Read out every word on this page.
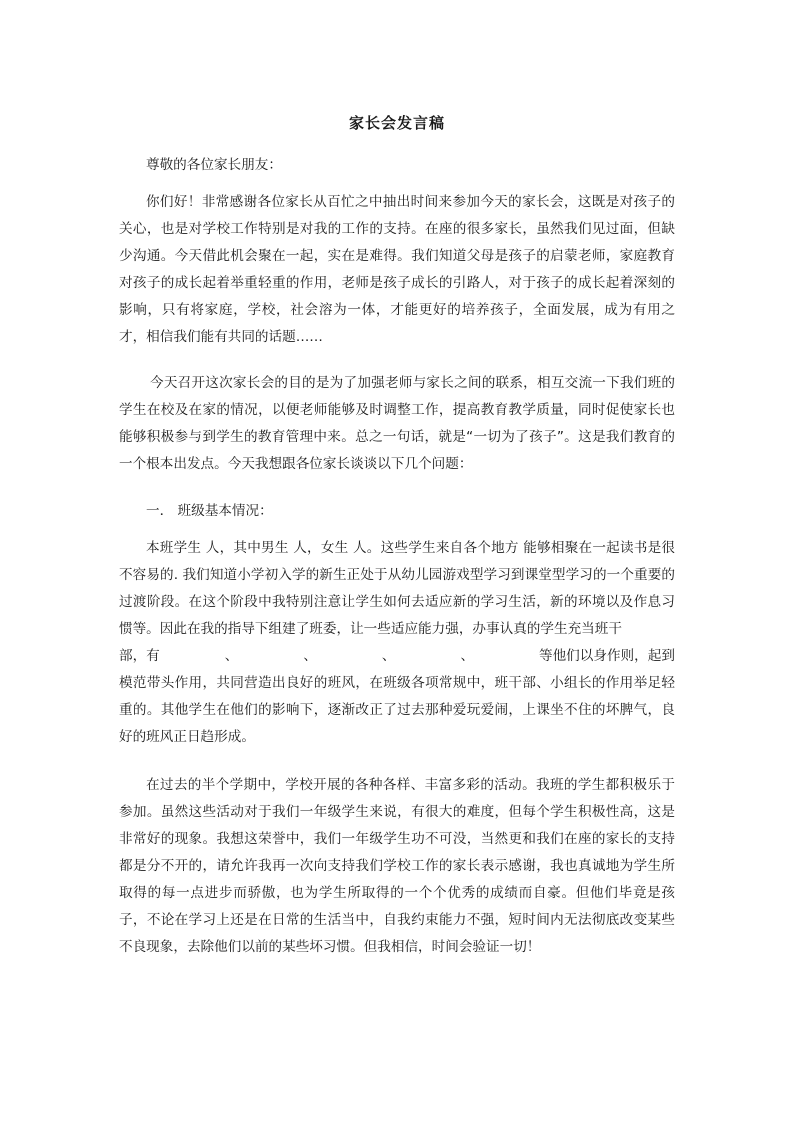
家长会发言稿
尊敬的各位家长朋友：
你们好！非常感谢各位家长从百忙之中抽出时间来参加今天的家长会，这既是对孩子的关心，也是对学校工作特别是对我的工作的支持。在座的很多家长，虽然我们见过面，但缺少沟通。今天借此机会聚在一起，实在是难得。我们知道父母是孩子的启蒙老师，家庭教育对孩子的成长起着举重轻重的作用，老师是孩子成长的引路人，对于孩子的成长起着深刻的影响，只有将家庭，学校，社会溶为一体，才能更好的培养孩子，全面发展，成为有用之才，相信我们能有共同的话题……
今天召开这次家长会的目的是为了加强老师与家长之间的联系，相互交流一下我们班的学生在校及在家的情况，以便老师能够及时调整工作，提高教育教学质量，同时促使家长也能够积极参与到学生的教育管理中来。总之一句话，就是“一切为了孩子”。这是我们教育的一个根本出发点。今天我想跟各位家长谈谈以下几个问题：
一． 班级基本情况：
本班学生 人，其中男生 人，女生 人。这些学生来自各个地方 能够相聚在一起读书是很不容易的. 我们知道小学初入学的新生正处于从幼儿园游戏型学习到课堂型学习的一个重要的过渡阶段。在这个阶段中我特别注意让学生如何去适应新的学习生活，新的环境以及作息习惯等。因此在我的指导下组建了班委，让一些适应能力强，办事认真的学生充当班干
部，有	、	、	、	、	等他们以身作则，起到
模范带头作用，共同营造出良好的班风，在班级各项常规中，班干部、小组长的作用举足轻重的。其他学生在他们的影响下，逐渐改正了过去那种爱玩爱闹，上课坐不住的坏脾气，良好的班风正日趋形成。
在过去的半个学期中，学校开展的各种各样、丰富多彩的活动。我班的学生都积极乐于参加。虽然这些活动对于我们一年级学生来说，有很大的难度，但每个学生积极性高，这是非常好的现象。我想这荣誉中，我们一年级学生功不可没，当然更和我们在座的家长的支持都是分不开的，请允许我再一次向支持我们学校工作的家长表示感谢，我也真诚地为学生所取得的每一点进步而骄傲，也为学生所取得的一个个优秀的成绩而自豪。但他们毕竟是孩子，不论在学习上还是在日常的生活当中，自我约束能力不强，短时间内无法彻底改变某些不良现象，去除他们以前的某些坏习惯。但我相信，时间会验证一切！
